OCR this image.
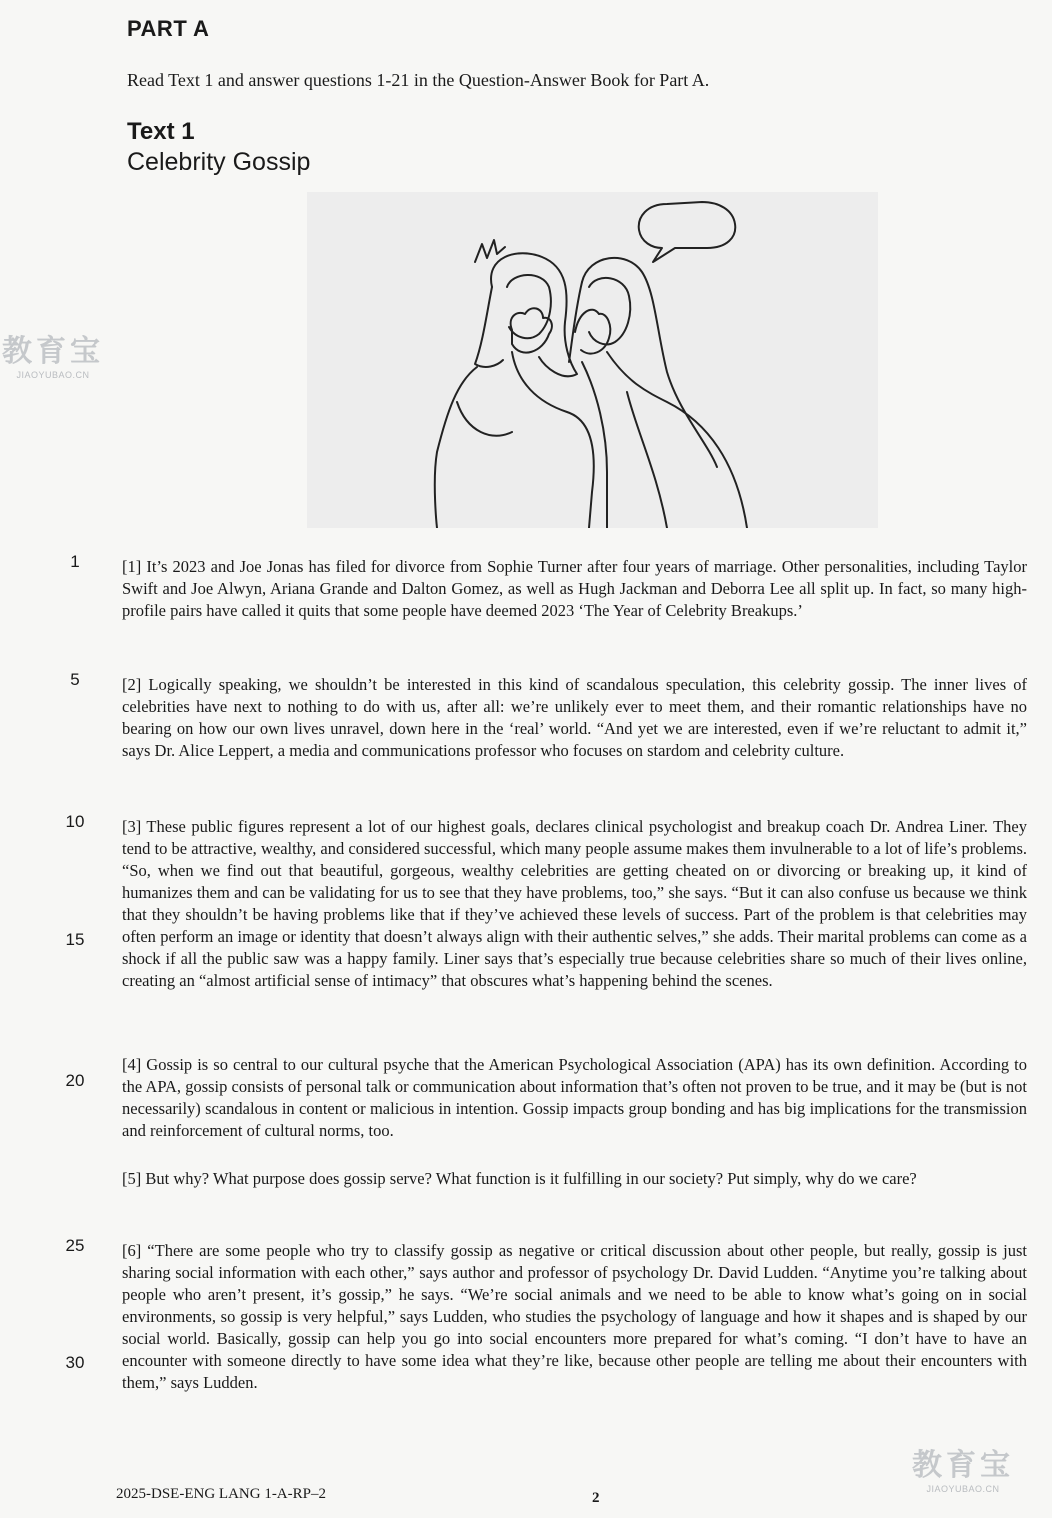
PART A
Read Text 1 and answer questions 1-21 in the Question-Answer Book for Part A.
Text 1
Celebrity Gossip
教育宝
JIAOYUBAO.CN
教育宝
JIAOYUBAO.CN
1
5
10
15
20
25
30
[1] It’s 2023 and Joe Jonas has filed for divorce from Sophie Turner after four years of marriage. Other personalities, including Taylor Swift and Joe Alwyn, Ariana Grande and Dalton Gomez, as well as Hugh Jackman and Deborra Lee all split up. In fact, so many high-profile pairs have called it quits that some people have deemed 2023 ‘The Year of Celebrity Breakups.’
[2] Logically speaking, we shouldn’t be interested in this kind of scandalous speculation, this celebrity gossip. The inner lives of celebrities have next to nothing to do with us, after all: we’re unlikely ever to meet them, and their romantic relationships have no bearing on how our own lives unravel, down here in the ‘real’ world. “And yet we are interested, even if we’re reluctant to admit it,” says Dr. Alice Leppert, a media and communications professor who focuses on stardom and celebrity culture.
[3] These public figures represent a lot of our highest goals, declares clinical psychologist and breakup coach Dr. Andrea Liner. They tend to be attractive, wealthy, and considered successful, which many people assume makes them invulnerable to a lot of life’s problems. “So, when we find out that beautiful, gorgeous, wealthy celebrities are getting cheated on or divorcing or breaking up, it kind of humanizes them and can be validating for us to see that they have problems, too,” she says. “But it can also confuse us because we think that they shouldn’t be having problems like that if they’ve achieved these levels of success. Part of the problem is that celebrities may often perform an image or identity that doesn’t always align with their authentic selves,” she adds. Their marital problems can come as a shock if all the public saw was a happy family. Liner says that’s especially true because celebrities share so much of their lives online, creating an “almost artificial sense of intimacy” that obscures what’s happening behind the scenes.
[4] Gossip is so central to our cultural psyche that the American Psychological Association (APA) has its own definition. According to the APA, gossip consists of personal talk or communication about information that’s often not proven to be true, and it may be (but is not necessarily) scandalous in content or malicious in intention. Gossip impacts group bonding and has big implications for the transmission and reinforcement of cultural norms, too.
[5] But why? What purpose does gossip serve? What function is it fulfilling in our society? Put simply, why do we care?
[6] “There are some people who try to classify gossip as negative or critical discussion about other people, but really, gossip is just sharing social information with each other,” says author and professor of psychology Dr. David Ludden. “Anytime you’re talking about people who aren’t present, it’s gossip,” he says. “We’re social animals and we need to be able to know what’s going on in social environments, so gossip is very helpful,” says Ludden, who studies the psychology of language and how it shapes and is shaped by our social world. Basically, gossip can help you go into social encounters more prepared for what’s coming. “I don’t have to have an encounter with someone directly to have some idea what they’re like, because other people are telling me about their encounters with them,” says Ludden.
2025-DSE-ENG LANG 1-A-RP–2	2
